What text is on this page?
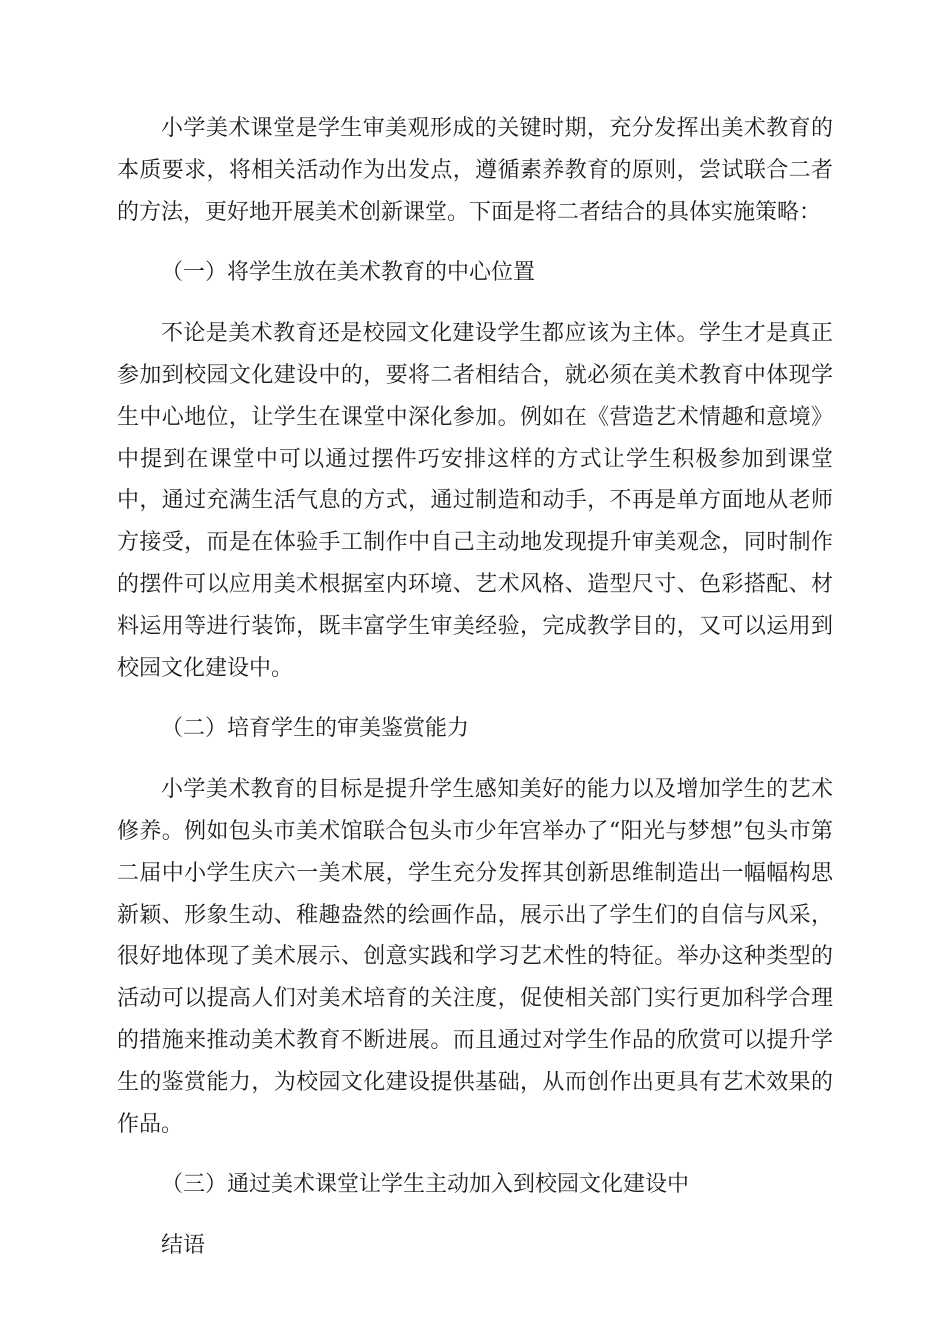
小学美术课堂是学生审美观形成的关键时期，充分发挥出美术教育的本质要求，将相关活动作为出发点，遵循素养教育的原则，尝试联合二者的方法，更好地开展美术创新课堂。下面是将二者结合的具体实施策略：

（一）将学生放在美术教育的中心位置

不论是美术教育还是校园文化建设学生都应该为主体。学生才是真正参加到校园文化建设中的，要将二者相结合，就必须在美术教育中体现学生中心地位，让学生在课堂中深化参加。例如在《营造艺术情趣和意境》中提到在课堂中可以通过摆件巧安排这样的方式让学生积极参加到课堂中，通过充满生活气息的方式，通过制造和动手，不再是单方面地从老师方接受，而是在体验手工制作中自己主动地发现提升审美观念，同时制作的摆件可以应用美术根据室内环境、艺术风格、造型尺寸、色彩搭配、材料运用等进行装饰，既丰富学生审美经验，完成教学目的，又可以运用到校园文化建设中。

（二）培育学生的审美鉴赏能力

小学美术教育的目标是提升学生感知美好的能力以及增加学生的艺术修养。例如包头市美术馆联合包头市少年宫举办了“阳光与梦想”包头市第二届中小学生庆六一美术展，学生充分发挥其创新思维制造出一幅幅构思新颖、形象生动、稚趣盎然的绘画作品，展示出了学生们的自信与风采，很好地体现了美术展示、创意实践和学习艺术性的特征。举办这种类型的活动可以提高人们对美术培育的关注度，促使相关部门实行更加科学合理的措施来推动美术教育不断进展。而且通过对学生作品的欣赏可以提升学生的鉴赏能力，为校园文化建设提供基础，从而创作出更具有艺术效果的作品。

（三）通过美术课堂让学生主动加入到校园文化建设中

结语
